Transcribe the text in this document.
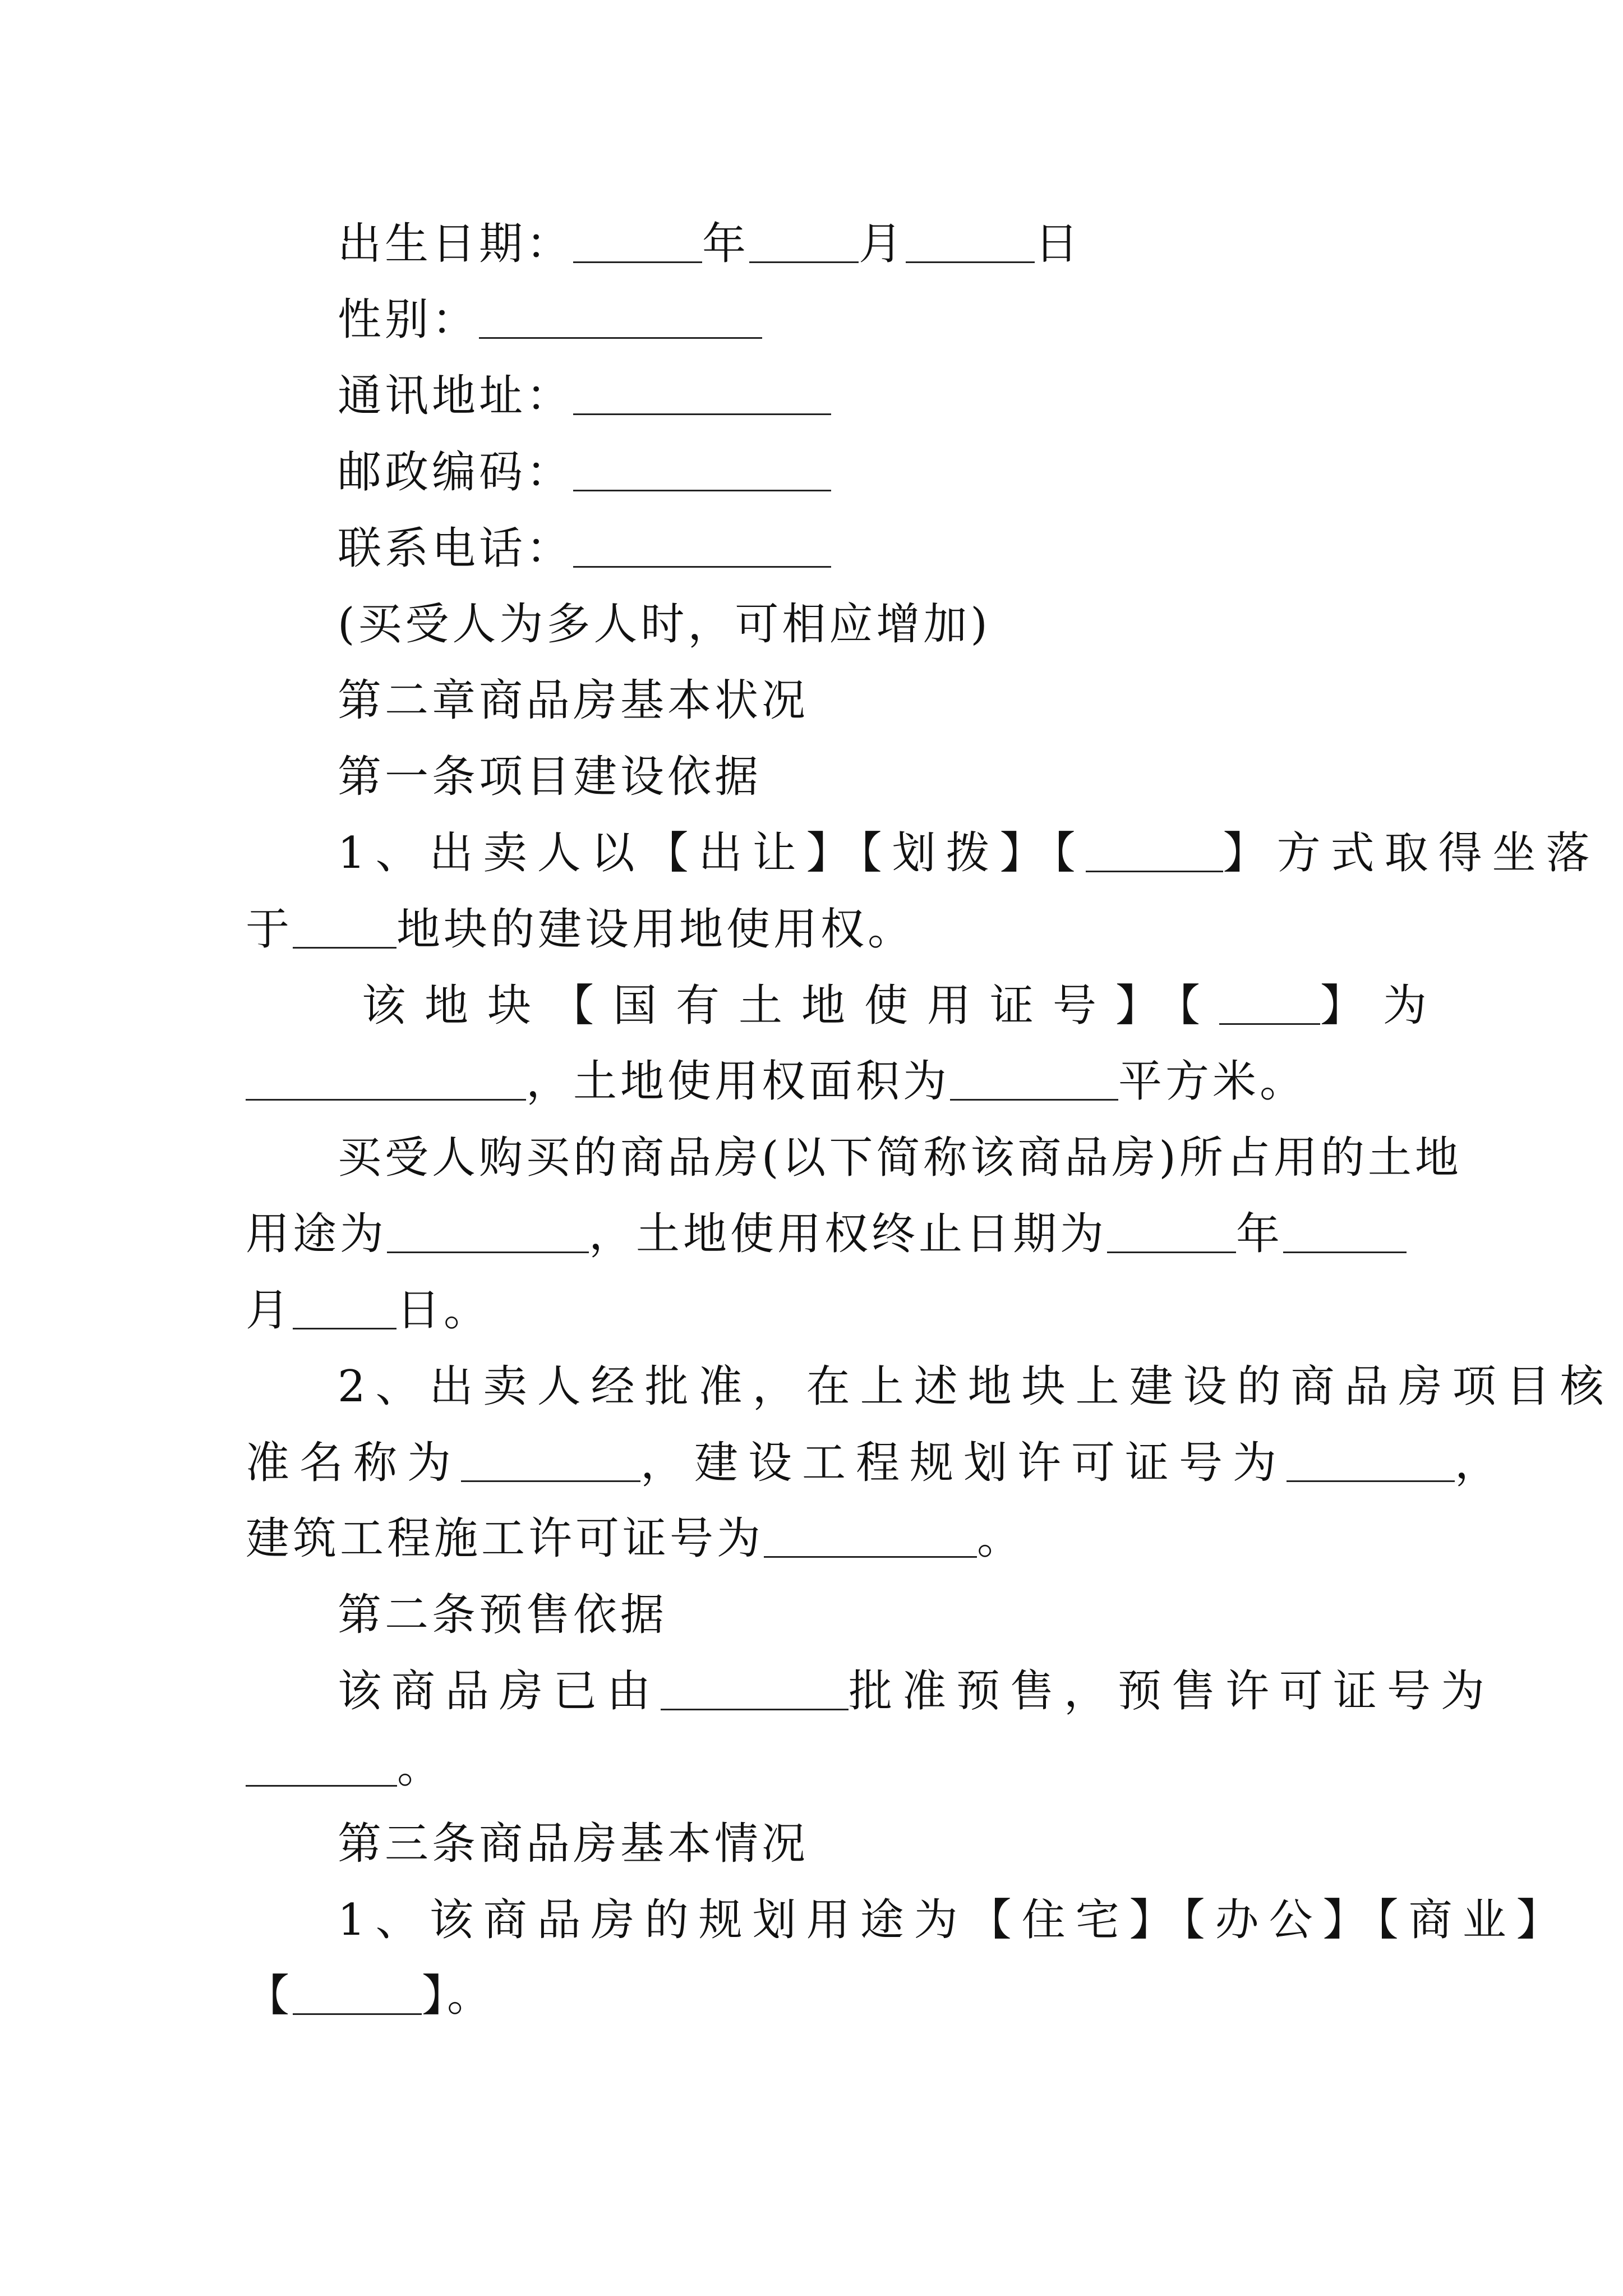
出生日期：	年	月	日
性别：
通讯地址：
邮政编码：
联系电话：
(买受人为多人时，可相应增加)
第二章商品房基本状况
第一条项目建设依据
1、出卖人以【出让】【划拨】【	】方式取得坐落
于 地块的建设用地使用权。
该地块【国有土地使用证号】【 】为
，土地使用权面积为	平方米。
买受人购买的商品房(以下简称该商品房)所占用的土地
用途为	，土地使用权终止日期为	年
月 日。
2、出卖人经批准，在上述地块上建设的商品房项目核
准名称为	，建设工程规划许可证号为	，
建筑工程施工许可证号为	。
第二条预售依据
该商品房已由	批准预售，预售许可证号为
。
第三条商品房基本情况
1、该商品房的规划用途为【住宅】【办公】【商业】
【	】。
